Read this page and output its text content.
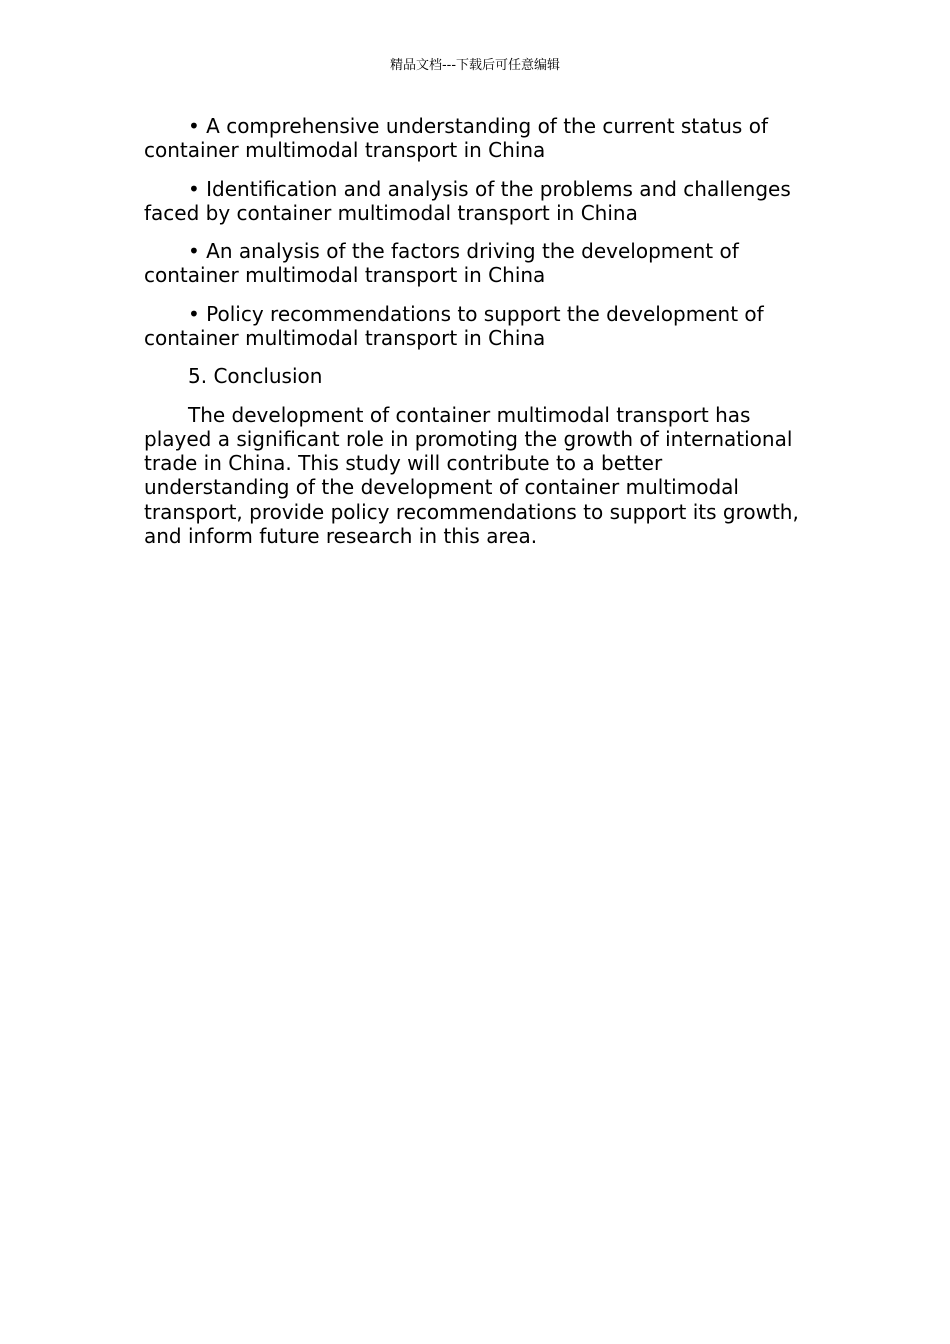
精品文档---下载后可任意编辑

• A comprehensive understanding of the current status of container multimodal transport in China

• Identification and analysis of the problems and challenges faced by container multimodal transport in China

• An analysis of the factors driving the development of container multimodal transport in China

• Policy recommendations to support the development of container multimodal transport in China

5. Conclusion

The development of container multimodal transport has played a significant role in promoting the growth of international trade in China. This study will contribute to a better understanding of the development of container multimodal transport, provide policy recommendations to support its growth, and inform future research in this area.
